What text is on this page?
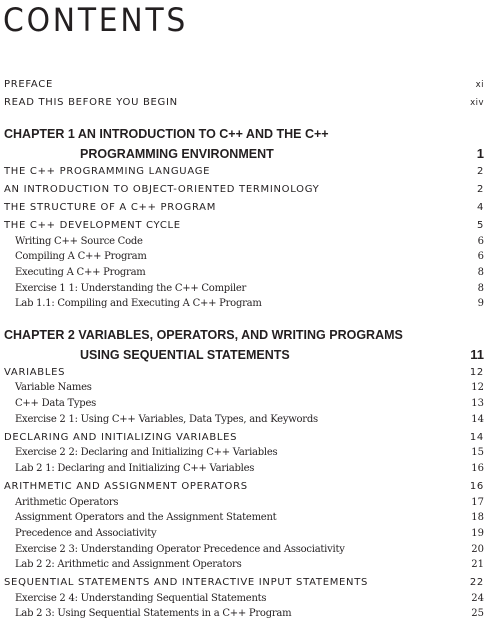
CONTENTS
PREFACE	xi
READ THIS BEFORE YOU BEGIN	xiv
CHAPTER 1 AN INTRODUCTION TO C++ AND THE C++
PROGRAMMING ENVIRONMENT	1
THE C++ PROGRAMMING LANGUAGE	2
AN INTRODUCTION TO OBJECT-ORIENTED TERMINOLOGY	2
THE STRUCTURE OF A C++ PROGRAM	4
THE C++ DEVELOPMENT CYCLE	5
Writing C++ Source Code	6
Compiling A C++ Program	6
Executing A C++ Program	8
Exercise 1 1: Understanding the C++ Compiler	8
Lab 1.1: Compiling and Executing A C++ Program	9
CHAPTER 2 VARIABLES, OPERATORS, AND WRITING PROGRAMS
USING SEQUENTIAL STATEMENTS	11
VARIABLES	12
Variable Names	12
C++ Data Types	13
Exercise 2 1: Using C++ Variables, Data Types, and Keywords	14
DECLARING AND INITIALIZING VARIABLES	14
Exercise 2 2: Declaring and Initializing C++ Variables	15
Lab 2 1: Declaring and Initializing C++ Variables	16
ARITHMETIC AND ASSIGNMENT OPERATORS	16
Arithmetic Operators	17
Assignment Operators and the Assignment Statement	18
Precedence and Associativity	19
Exercise 2 3: Understanding Operator Precedence and Associativity	20
Lab 2 2: Arithmetic and Assignment Operators	21
SEQUENTIAL STATEMENTS AND INTERACTIVE INPUT STATEMENTS	22
Exercise 2 4: Understanding Sequential Statements	24
Lab 2 3: Using Sequential Statements in a C++ Program	25
